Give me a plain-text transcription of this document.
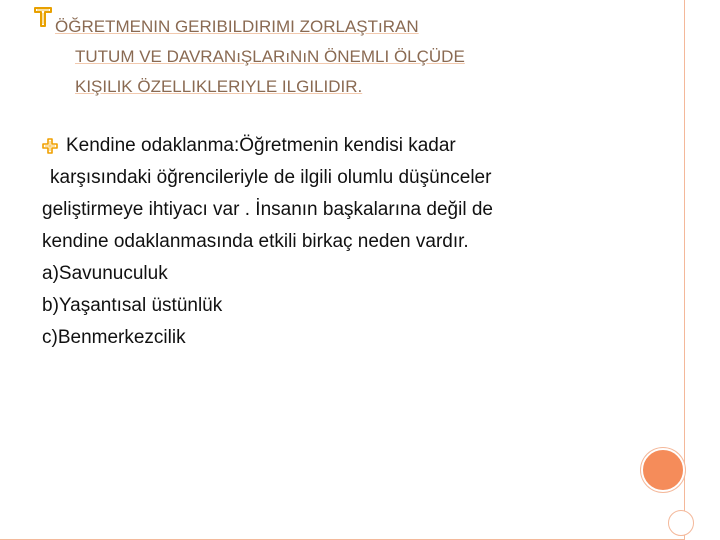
ÖĞRETMENIN GERIBILDIRIMI ZORLAŞTıRAN
TUTUM VE DAVRANıŞLARıNıN ÖNEMLI ÖLÇÜDE
KIŞILIK ÖZELLIKLERIYLE ILGILIDIR.
Kendine odaklanma:Öğretmenin kendisi kadar
karşısındaki öğrencileriyle de ilgili olumlu düşünceler
geliştirmeye ihtiyacı var . İnsanın başkalarına değil de
kendine odaklanmasında etkili birkaç neden vardır.
a)Savunuculuk
b)Yaşantısal üstünlük
c)Benmerkezcilik
